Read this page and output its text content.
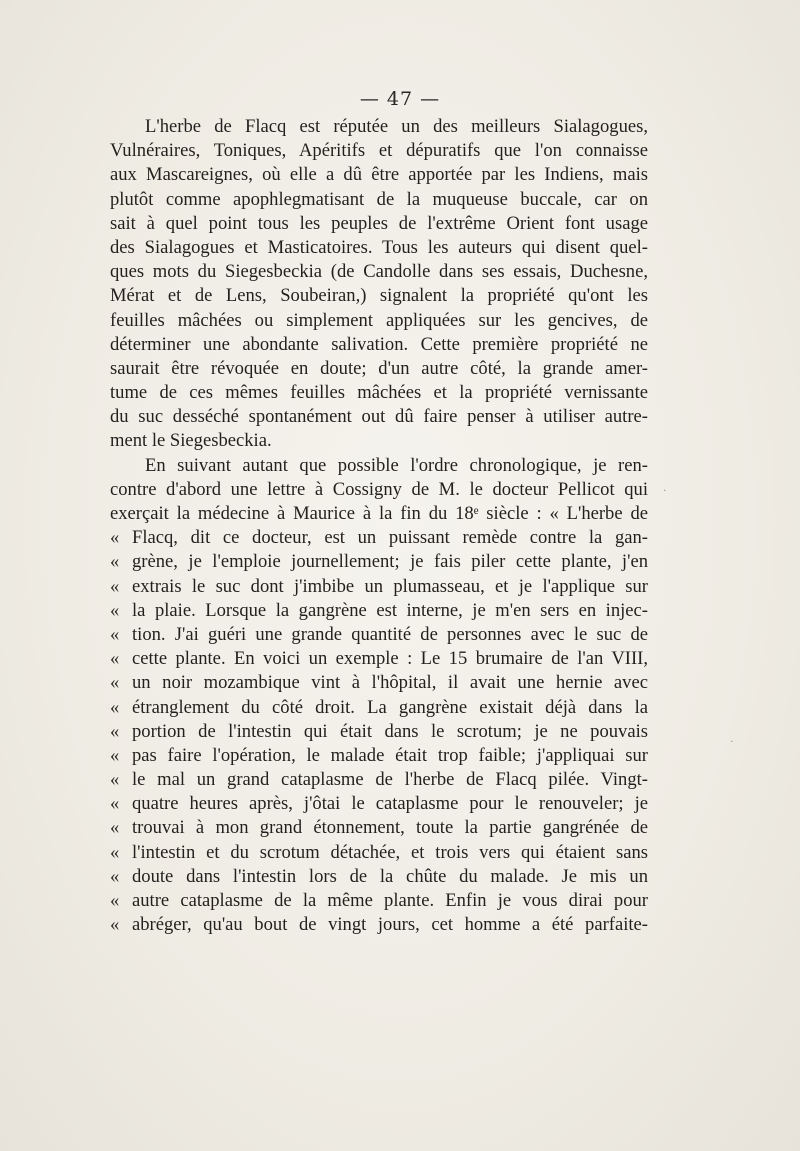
— 47 —
L'herbe de Flacq est réputée un des meilleurs Sialagogues,
Vulnéraires, Toniques, Apéritifs et dépuratifs que l'on connaisse
aux Mascareignes, où elle a dû être apportée par les Indiens, mais
plutôt comme apophlegmatisant de la muqueuse buccale, car on
sait à quel point tous les peuples de l'extrême Orient font usage
des Sialagogues et Masticatoires. Tous les auteurs qui disent quel-
ques mots du Siegesbeckia (de Candolle dans ses essais, Duchesne,
Mérat et de Lens, Soubeiran,) signalent la propriété qu'ont les
feuilles mâchées ou simplement appliquées sur les gencives, de
déterminer une abondante salivation. Cette première propriété ne
saurait être révoquée en doute; d'un autre côté, la grande amer-
tume de ces mêmes feuilles mâchées et la propriété vernissante
du suc desséché spontanément out dû faire penser à utiliser autre-
ment le Siegesbeckia.
En suivant autant que possible l'ordre chronologique, je ren-
contre d'abord une lettre à Cossigny de M. le docteur Pellicot qui
exerçait la médecine à Maurice à la fin du 18ᵉ siècle : « L'herbe de
« Flacq, dit ce docteur, est un puissant remède contre la gan-
« grène, je l'emploie journellement; je fais piler cette plante, j'en
« extrais le suc dont j'imbibe un plumasseau, et je l'applique sur
« la plaie. Lorsque la gangrène est interne, je m'en sers en injec-
« tion. J'ai guéri une grande quantité de personnes avec le suc de
« cette plante. En voici un exemple : Le 15 brumaire de l'an VIII,
« un noir mozambique vint à l'hôpital, il avait une hernie avec
« étranglement du côté droit. La gangrène existait déjà dans la
« portion de l'intestin qui était dans le scrotum; je ne pouvais
« pas faire l'opération, le malade était trop faible; j'appliquai sur
« le mal un grand cataplasme de l'herbe de Flacq pilée. Vingt-
« quatre heures après, j'ôtai le cataplasme pour le renouveler; je
« trouvai à mon grand étonnement, toute la partie gangrénée de
« l'intestin et du scrotum détachée, et trois vers qui étaient sans
« doute dans l'intestin lors de la chûte du malade. Je mis un
« autre cataplasme de la même plante. Enfin je vous dirai pour
« abréger, qu'au bout de vingt jours, cet homme a été parfaite-
.
·
